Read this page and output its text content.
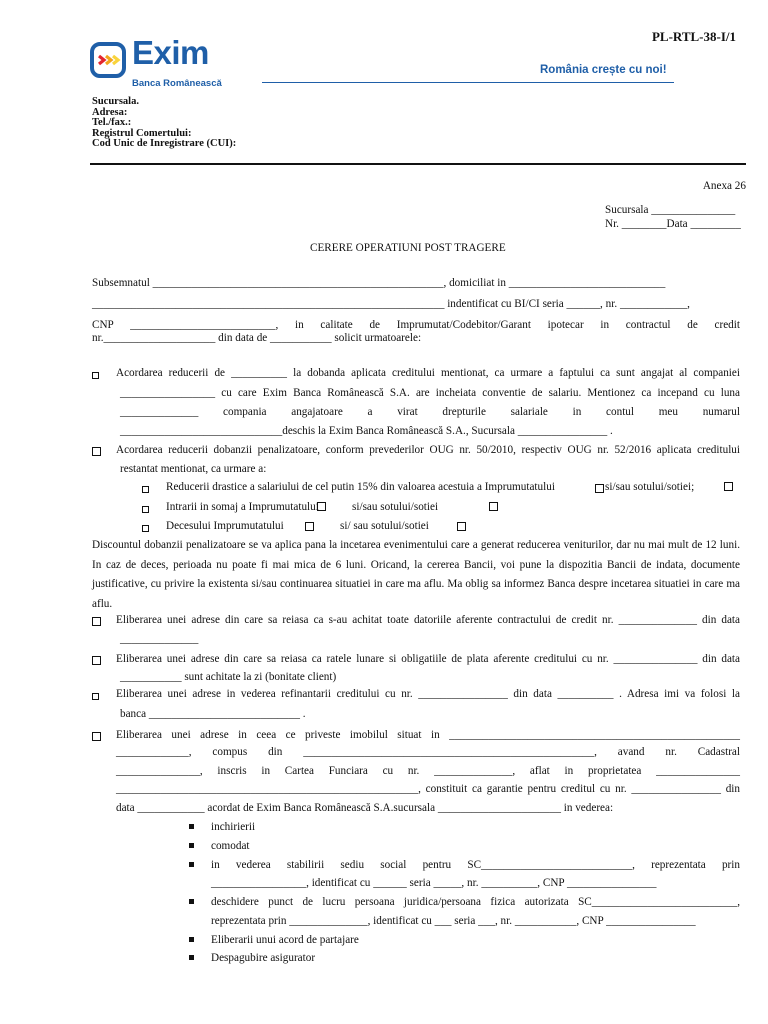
PL-RTL-38-I/1
Exim
Banca Românească
România crește cu noi!
Sucursala.
Adresa:
Tel./fax.:
Registrul Comertului:
Cod Unic de Inregistrare (CUI):
Anexa 26
Sucursala _______________
Nr. ________Data _________
CERERE OPERATIUNI POST TRAGERE
Subsemnatul ____________________________________________________, domiciliat in ____________________________
_______________________________________________________________ indentificat cu BI/CI seria ______, nr. ____________,
CNP __________________________, in calitate de Imprumutat/Codebitor/Garant ipotecar in contractul de credit
nr.____________________ din data de ___________ solicit urmatoarele:
Acordarea reducerii de __________ la dobanda aplicata creditului mentionat, ca urmare a faptului ca sunt angajat al companiei
_________________ cu care Exim Banca Românească S.A. are incheiata conventie de salariu. Mentionez ca incepand cu luna
______________ compania angajatoare a virat drepturile salariale in contul meu numarul
_____________________________deschis la Exim Banca Românească S.A., Sucursala ________________ .
Acordarea reducerii dobanzii penalizatoare, conform prevederilor OUG nr. 50/2010, respectiv OUG nr. 52/2016 aplicata creditului
restantat mentionat, ca urmare a:
Reducerii drastice a salariului de cel putin 15% din valoarea acestuia a Imprumutatului	si/sau sotului/sotiei;
Intrarii in somaj a Imprumutatului	si/sau sotului/sotiei
Decesului Imprumutatului	si/ sau sotului/sotiei
Discountul dobanzii penalizatoare se va aplica pana la incetarea evenimentului care a generat reducerea veniturilor, dar nu mai mult de 12 luni. In caz de deces, perioada nu poate fi mai mica de 6 luni. Oricand, la cererea Bancii, voi pune la dispozitia Bancii de indata, documente justificative, cu privire la existenta si/sau continuarea situatiei in care ma aflu. Ma oblig sa informez Banca despre incetarea situatiei in care ma aflu.
Eliberarea unei adrese din care sa reiasa ca s-au achitat toate datoriile aferente contractului de credit nr. ______________ din data
______________
Eliberarea unei adrese din care sa reiasa ca ratele lunare si obligatiile de plata aferente creditului cu nr. _______________ din data
___________ sunt achitate la zi (bonitate client)
Eliberarea unei adrese in vederea refinantarii creditului cu nr. ________________ din data __________ . Adresa imi va folosi la
banca ___________________________ .
Eliberarea unei adrese in ceea ce priveste imobilul situat in ____________________________________________________
_____________, compus din ____________________________________________________, avand nr. Cadastral
_______________, inscris in Cartea Funciara cu nr. ______________, aflat in proprietatea _______________
______________________________________________________, constituit ca garantie pentru creditul cu nr. ________________ din
data ____________ acordat de Exim Banca Românească S.A.sucursala ______________________ in vederea:
inchirierii
comodat
in vederea stabilirii sediu social pentru SC___________________________, reprezentata prin
_________________, identificat cu ______ seria _____, nr. __________, CNP ________________
deschidere punct de lucru persoana juridica/persoana fizica autorizata SC__________________________,
reprezentata prin ______________, identificat cu ___ seria ___, nr. ___________, CNP ________________
Eliberarii unui acord de partajare
Despagubire asigurator
